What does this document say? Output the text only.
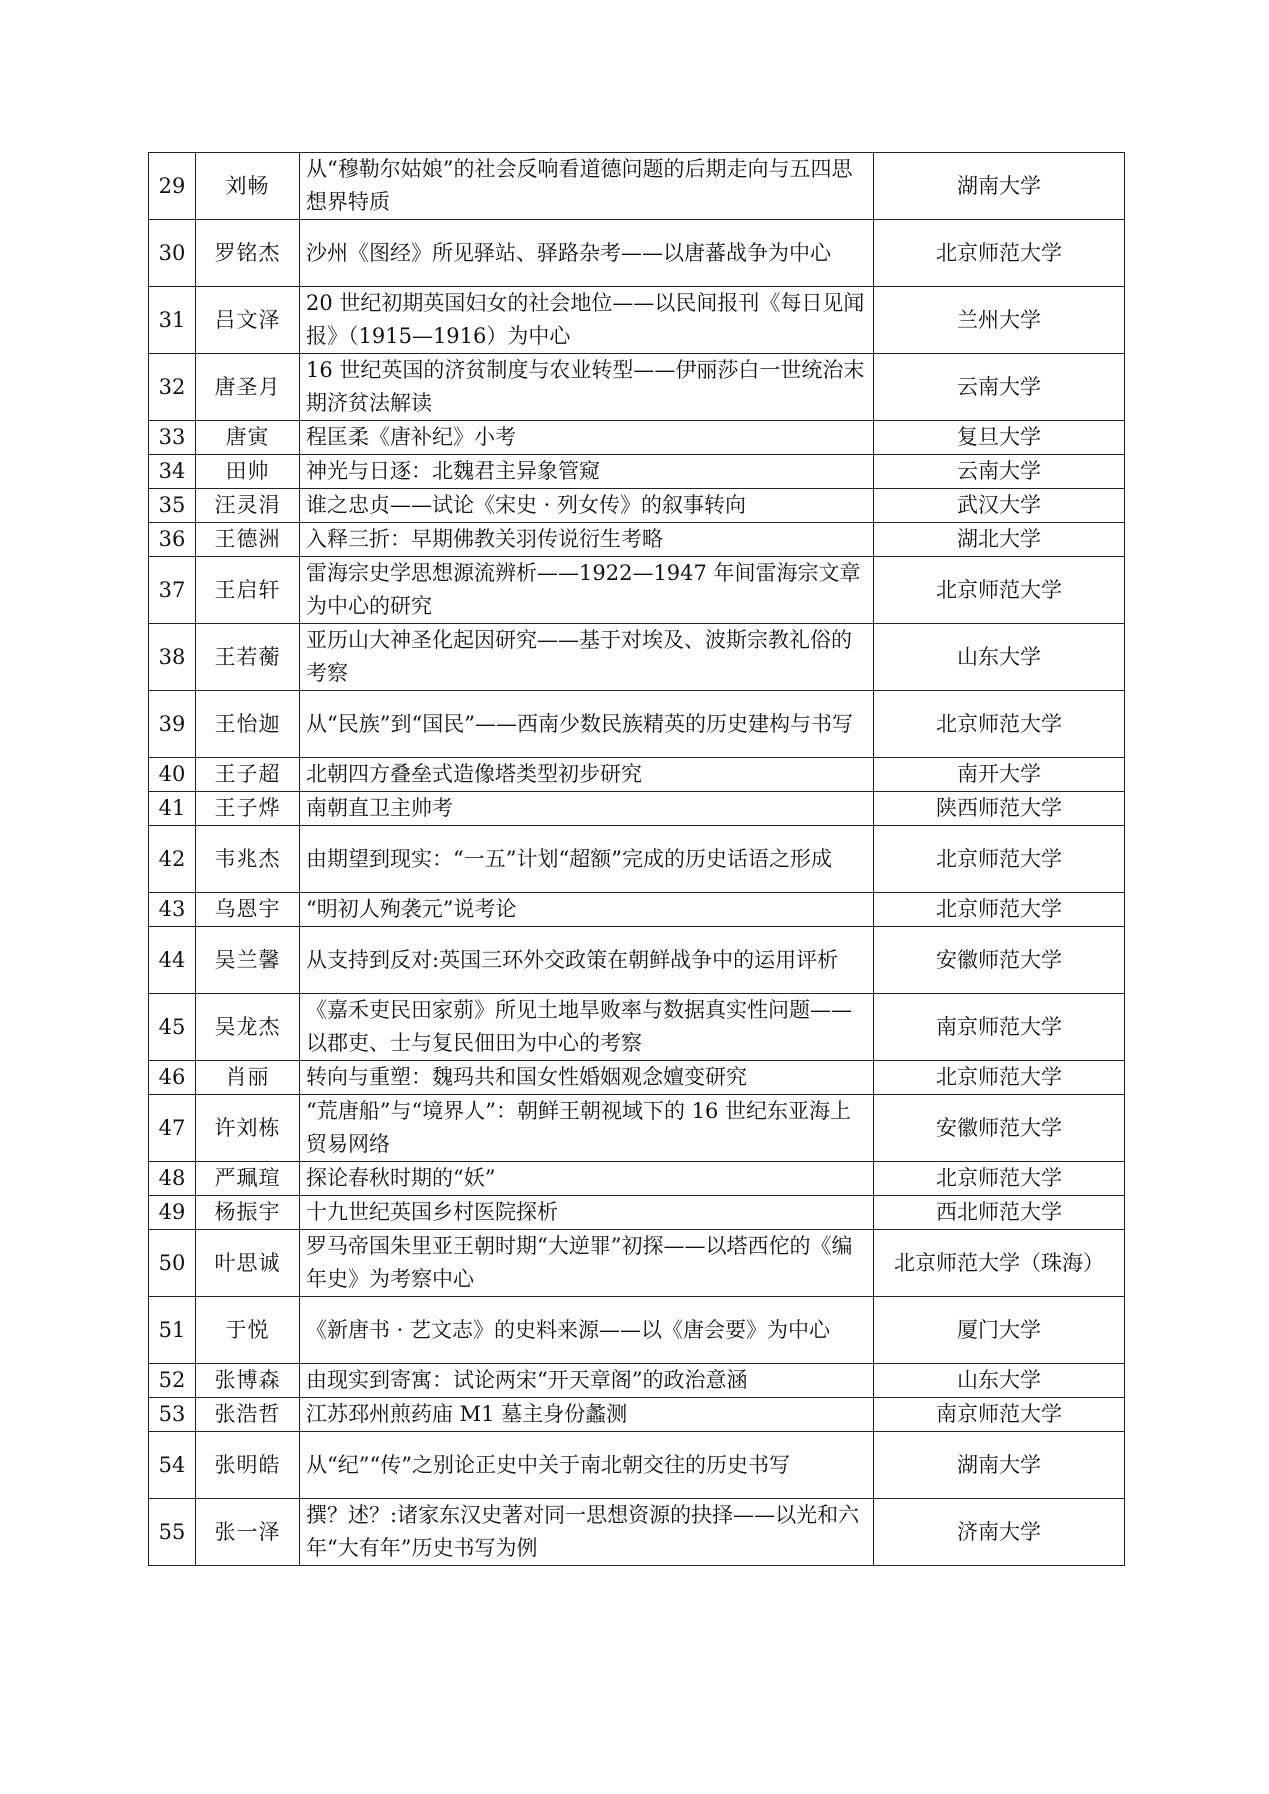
29	刘畅	从“穆勒尔姑娘”的社会反响看道德问题的后期走向与五四思想界特质	湖南大学
30	罗铭杰	沙州《图经》所见驿站、驿路杂考——以唐蕃战争为中心	北京师范大学
31	吕文泽	20 世纪初期英国妇女的社会地位——以民间报刊《每日见闻报》（1915—1916）为中心	兰州大学
32	唐圣月	16 世纪英国的济贫制度与农业转型——伊丽莎白一世统治末期济贫法解读	云南大学
33	唐寅	程匡柔《唐补纪》小考	复旦大学
34	田帅	神光与日逐：北魏君主异象管窥	云南大学
35	汪灵涓	谁之忠贞——试论《宋史 · 列女传》的叙事转向	武汉大学
36	王德洲	入释三折：早期佛教关羽传说衍生考略	湖北大学
37	王启轩	雷海宗史学思想源流辨析——1922—1947 年间雷海宗文章为中心的研究	北京师范大学
38	王若蘅	亚历山大神圣化起因研究——基于对埃及、波斯宗教礼俗的考察	山东大学
39	王怡迦	从“民族”到“国民”——西南少数民族精英的历史建构与书写	北京师范大学
40	王子超	北朝四方叠垒式造像塔类型初步研究	南开大学
41	王子烨	南朝直卫主帅考	陕西师范大学
42	韦兆杰	由期望到现实：“一五”计划“超额”完成的历史话语之形成	北京师范大学
43	乌恩宇	“明初人殉袭元”说考论	北京师范大学
44	吴兰馨	从支持到反对:英国三环外交政策在朝鲜战争中的运用评析	安徽师范大学
45	吴龙杰	《嘉禾吏民田家莂》所见土地旱败率与数据真实性问题——以郡吏、士与复民佃田为中心的考察	南京师范大学
46	肖丽	转向与重塑：魏玛共和国女性婚姻观念嬗变研究	北京师范大学
47	许刘栋	“荒唐船”与“境界人”：朝鲜王朝视域下的 16 世纪东亚海上贸易网络	安徽师范大学
48	严珮瑄	探论春秋时期的“妖”	北京师范大学
49	杨振宇	十九世纪英国乡村医院探析	西北师范大学
50	叶思诚	罗马帝国朱里亚王朝时期“大逆罪”初探——以塔西佗的《编年史》为考察中心	北京师范大学（珠海）
51	于悦	《新唐书 · 艺文志》的史料来源——以《唐会要》为中心	厦门大学
52	张博森	由现实到寄寓：试论两宋“开天章阁”的政治意涵	山东大学
53	张浩哲	江苏邳州煎药庙 M1 墓主身份蠡测	南京师范大学
54	张明皓	从“纪”“传”之别论正史中关于南北朝交往的历史书写	湖南大学
55	张一泽	撰？述？:诸家东汉史著对同一思想资源的抉择——以光和六年“大有年”历史书写为例	济南大学
